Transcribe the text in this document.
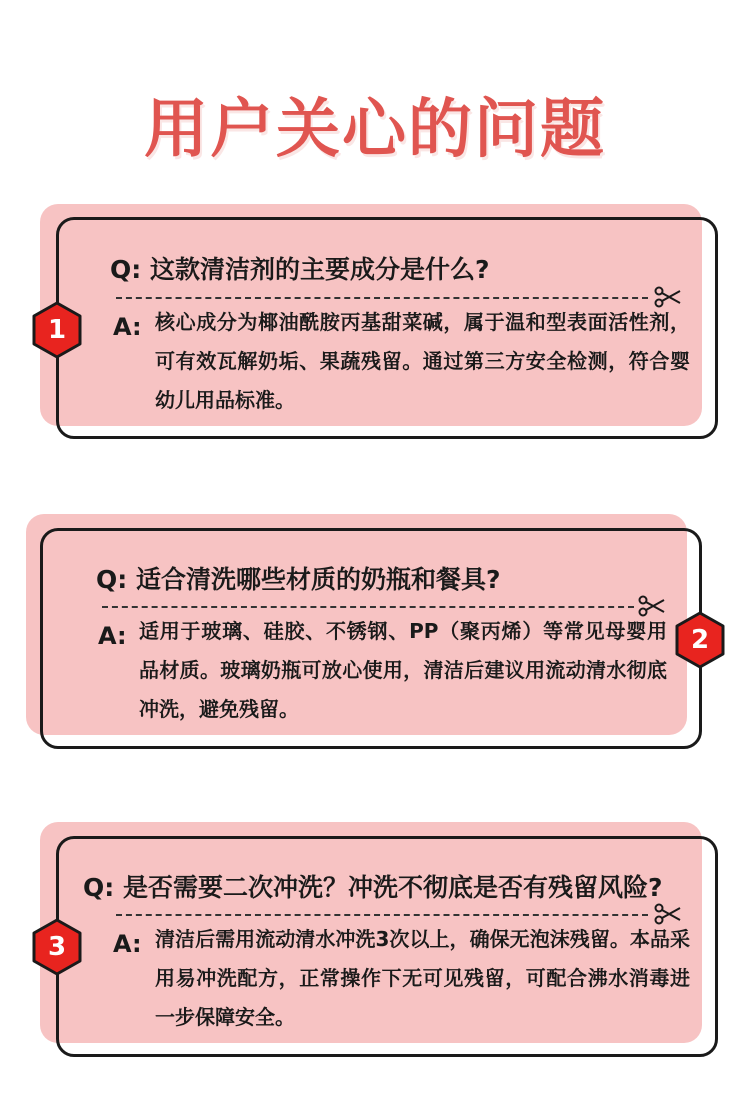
用户关心的问题
Q: 这款清洁剂的主要成分是什么?
A: 核心成分为椰油酰胺丙基甜菜碱，属于温和型表面活性剂，可有效瓦解奶垢、果蔬残留。通过第三方安全检测，符合婴幼儿用品标准。
1
Q: 适合清洗哪些材质的奶瓶和餐具?
A: 适用于玻璃、硅胶、不锈钢、PP（聚丙烯）等常见母婴用品材质。玻璃奶瓶可放心使用，清洁后建议用流动清水彻底冲洗，避免残留。
2
Q: 是否需要二次冲洗？冲洗不彻底是否有残留风险?
A: 清洁后需用流动清水冲洗3次以上，确保无泡沫残留。本品采用易冲洗配方，正常操作下无可见残留，可配合沸水消毒进一步保障安全。
3
